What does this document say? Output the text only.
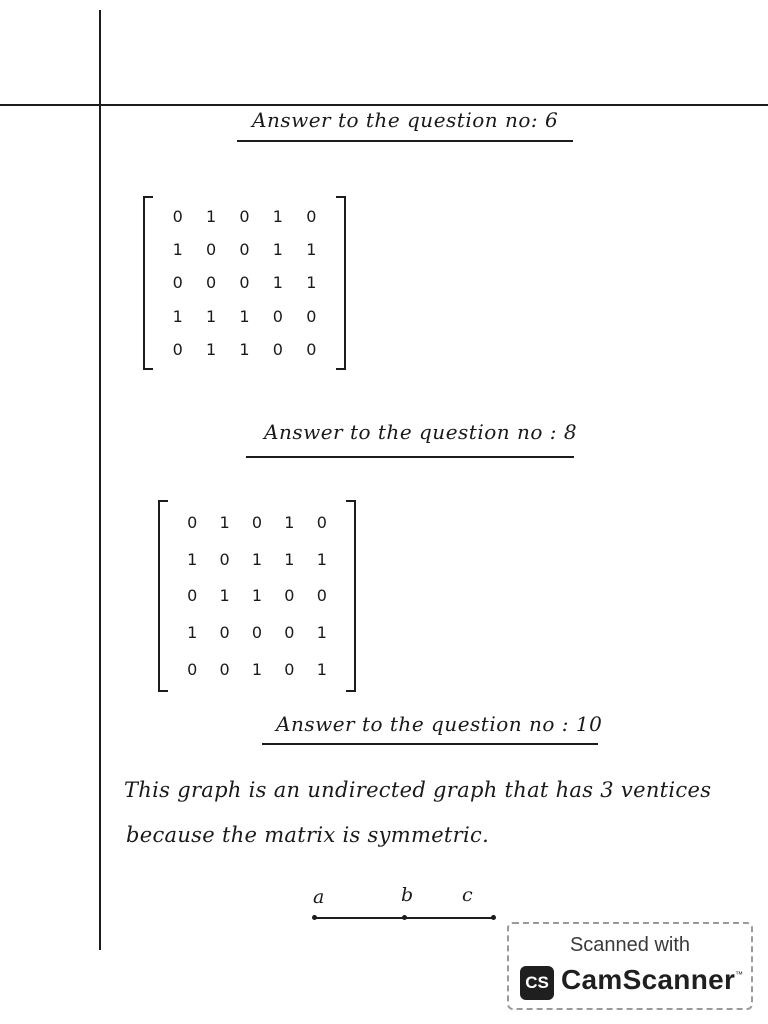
Answer to the question no: 6
0 1 0 1 0
1 0 0 1 1
0 0 0 1 1
1 1 1 0 0
0 1 1 0 0
Answer to the question no : 8
0 1 0 1 0
1 0 1 1 1
0 1 1 0 0
1 0 0 0 1
0 0 1 0 1
Answer to the question no : 10
This graph is an undirected graph that has 3 ventices
because the matrix is symmetric.
a	b	c
Scanned with
CS CamScanner ™
